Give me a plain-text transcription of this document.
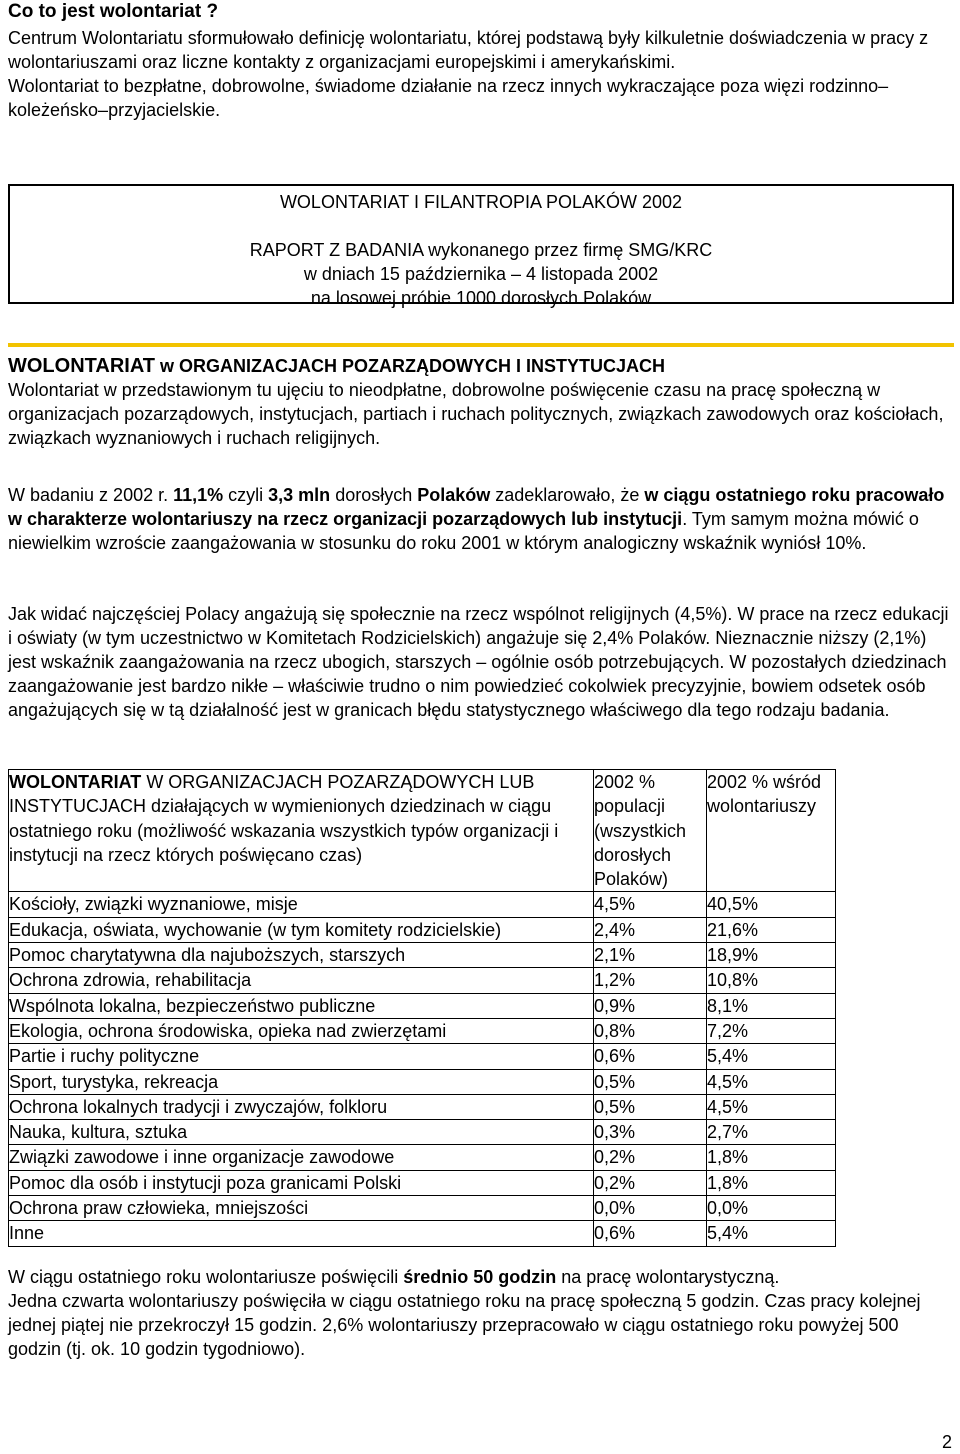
Co to jest wolontariat ?

Centrum Wolontariatu sformułowało definicję wolontariatu, której podstawą były kilkuletnie doświadczenia w pracy z wolontariuszami oraz liczne kontakty z organizacjami europejskimi i amerykańskimi.

Wolontariat to bezpłatne, dobrowolne, świadome działanie na rzecz innych wykraczające poza więzi rodzinno–koleżeńsko–przyjacielskie.

WOLONTARIAT I FILANTROPIA POLAKÓW 2002
RAPORT Z BADANIA wykonanego przez firmę SMG/KRC
w dniach 15 października – 4 listopada 2002
na losowej próbie 1000 dorosłych Polaków
WOLONTARIAT w ORGANIZACJACH POZARZĄDOWYCH I INSTYTUCJACH

Wolontariat w przedstawionym tu ujęciu to nieodpłatne, dobrowolne poświęcenie czasu na pracę społeczną w organizacjach pozarządowych, instytucjach, partiach i ruchach politycznych, związkach zawodowych oraz kościołach, związkach wyznaniowych i ruchach religijnych.

W badaniu z 2002 r. 11,1% czyli 3,3 mln dorosłych Polaków zadeklarowało, że w ciągu ostatniego roku pracowało w charakterze wolontariuszy na rzecz organizacji pozarządowych lub instytucji. Tym samym można mówić o niewielkim wzroście zaangażowania w stosunku do roku 2001 w którym analogiczny wskaźnik wyniósł 10%.
Jak widać najczęściej Polacy angażują się społecznie na rzecz wspólnot religijnych (4,5%). W prace na rzecz edukacji i oświaty (w tym uczestnictwo w Komitetach Rodzicielskich) angażuje się 2,4% Polaków. Nieznacznie niższy (2,1%) jest wskaźnik zaangażowania na rzecz ubogich, starszych – ogólnie osób potrzebujących. W pozostałych dziedzinach zaangażowanie jest bardzo nikłe – właściwie trudno o nim powiedzieć cokolwiek precyzyjnie, bowiem odsetek osób angażujących się w tą działalność jest w granicach błędu statystycznego właściwego dla tego rodzaju badania.
WOLONTARIAT W ORGANIZACJACH POZARZĄDOWYCH LUB INSTYTUCJACH działających w wymienionych dziedzinach w ciągu ostatniego roku (możliwość wskazania wszystkich typów organizacji i instytucji na rzecz których poświęcano czas)	2002 % populacji (wszystkich dorosłych Polaków)	2002 % wśród wolontariuszy
Kościoły, związki wyznaniowe, misje	4,5%	40,5%
Edukacja, oświata, wychowanie (w tym komitety rodzicielskie)	2,4%	21,6%
Pomoc charytatywna dla najuboższych, starszych	2,1%	18,9%
Ochrona zdrowia, rehabilitacja	1,2%	10,8%
Wspólnota lokalna, bezpieczeństwo publiczne	0,9%	8,1%
Ekologia, ochrona środowiska, opieka nad zwierzętami	0,8%	7,2%
Partie i ruchy polityczne	0,6%	5,4%
Sport, turystyka, rekreacja	0,5%	4,5%
Ochrona lokalnych tradycji i zwyczajów, folkloru	0,5%	4,5%
Nauka, kultura, sztuka	0,3%	2,7%
Związki zawodowe i inne organizacje zawodowe	0,2%	1,8%
Pomoc dla osób i instytucji poza granicami Polski	0,2%	1,8%
Ochrona praw człowieka, mniejszości	0,0%	0,0%
Inne	0,6%	5,4%
W ciągu ostatniego roku wolontariusze poświęcili średnio 50 godzin na pracę wolontarystyczną.
Jedna czwarta wolontariuszy poświęciła w ciągu ostatniego roku na pracę społeczną 5 godzin. Czas pracy kolejnej jednej piątej nie przekroczył 15 godzin. 2,6% wolontariuszy przepracowało w ciągu ostatniego roku powyżej 500 godzin (tj. ok. 10 godzin tygodniowo).
2
